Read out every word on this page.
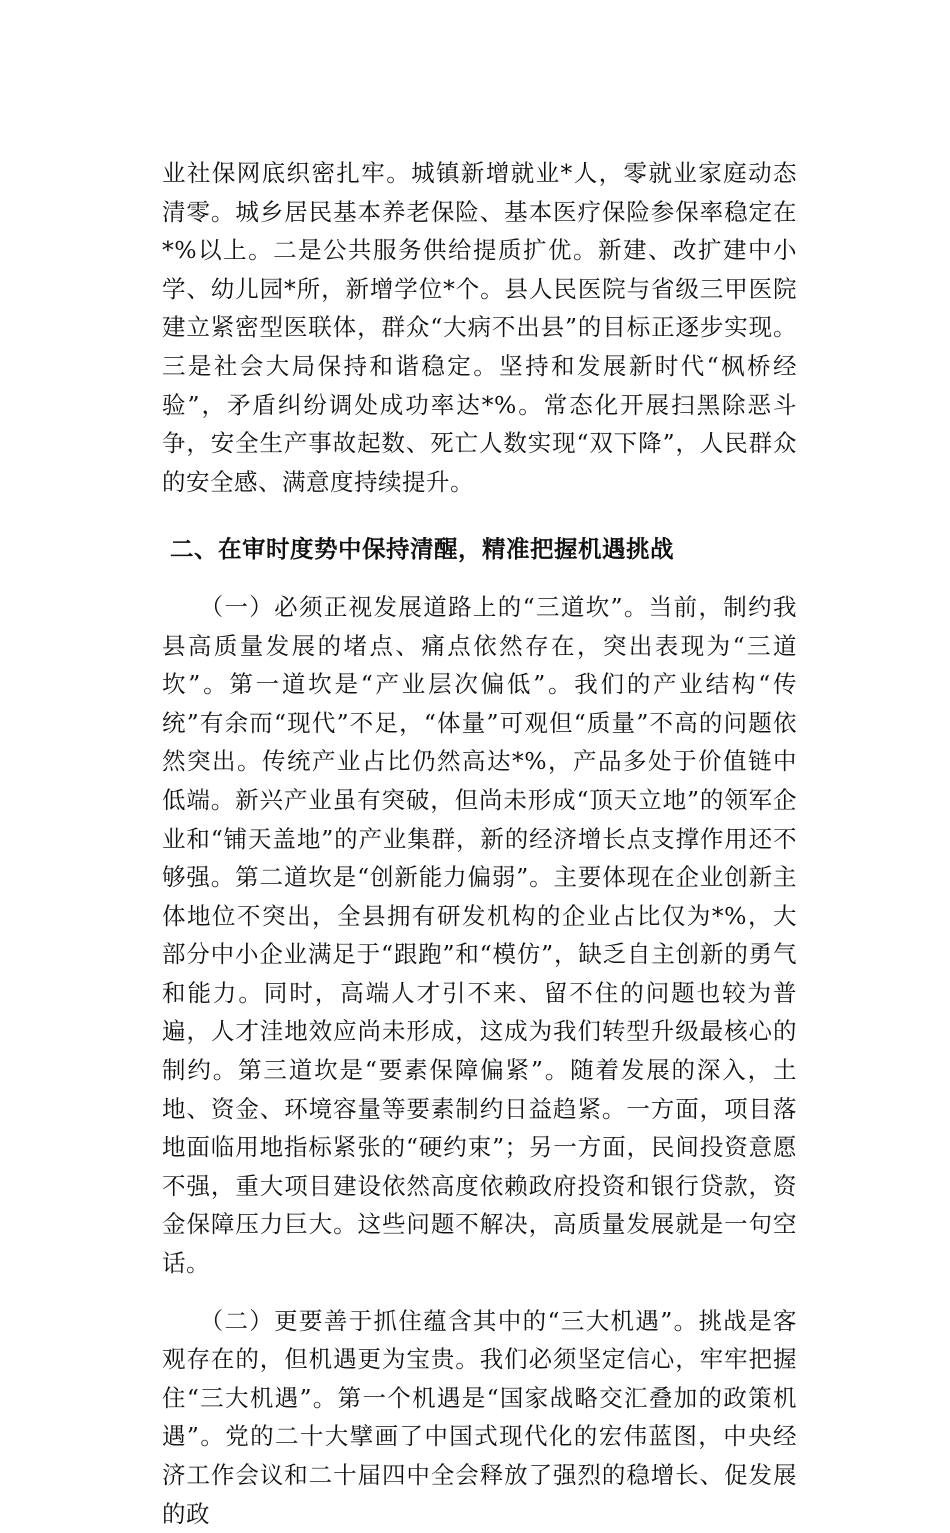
业社保网底织密扎牢。城镇新增就业*人，零就业家庭动态清零。城乡居民基本养老保险、基本医疗保险参保率稳定在*%以上。二是公共服务供给提质扩优。新建、改扩建中小学、幼儿园*所，新增学位*个。县人民医院与省级三甲医院建立紧密型医联体，群众“大病不出县”的目标正逐步实现。三是社会大局保持和谐稳定。坚持和发展新时代“枫桥经验”，矛盾纠纷调处成功率达*%。常态化开展扫黑除恶斗争，安全生产事故起数、死亡人数实现“双下降”，人民群众的安全感、满意度持续提升。

二、在审时度势中保持清醒，精准把握机遇挑战

（一）必须正视发展道路上的“三道坎”。当前，制约我县高质量发展的堵点、痛点依然存在，突出表现为“三道坎”。第一道坎是“产业层次偏低”。我们的产业结构“传统”有余而“现代”不足，“体量”可观但“质量”不高的问题依然突出。传统产业占比仍然高达*%，产品多处于价值链中低端。新兴产业虽有突破，但尚未形成“顶天立地”的领军企业和“铺天盖地”的产业集群，新的经济增长点支撑作用还不够强。第二道坎是“创新能力偏弱”。主要体现在企业创新主体地位不突出，全县拥有研发机构的企业占比仅为*%，大部分中小企业满足于“跟跑”和“模仿”，缺乏自主创新的勇气和能力。同时，高端人才引不来、留不住的问题也较为普遍，人才洼地效应尚未形成，这成为我们转型升级最核心的制约。第三道坎是“要素保障偏紧”。随着发展的深入，土地、资金、环境容量等要素制约日益趋紧。一方面，项目落地面临用地指标紧张的“硬约束”；另一方面，民间投资意愿不强，重大项目建设依然高度依赖政府投资和银行贷款，资金保障压力巨大。这些问题不解决，高质量发展就是一句空话。

（二）更要善于抓住蕴含其中的“三大机遇”。挑战是客观存在的，但机遇更为宝贵。我们必须坚定信心，牢牢把握住“三大机遇”。第一个机遇是“国家战略交汇叠加的政策机遇”。党的二十大擘画了中国式现代化的宏伟蓝图，中央经济工作会议和二十届四中全会释放了强烈的稳增长、促发展的政
